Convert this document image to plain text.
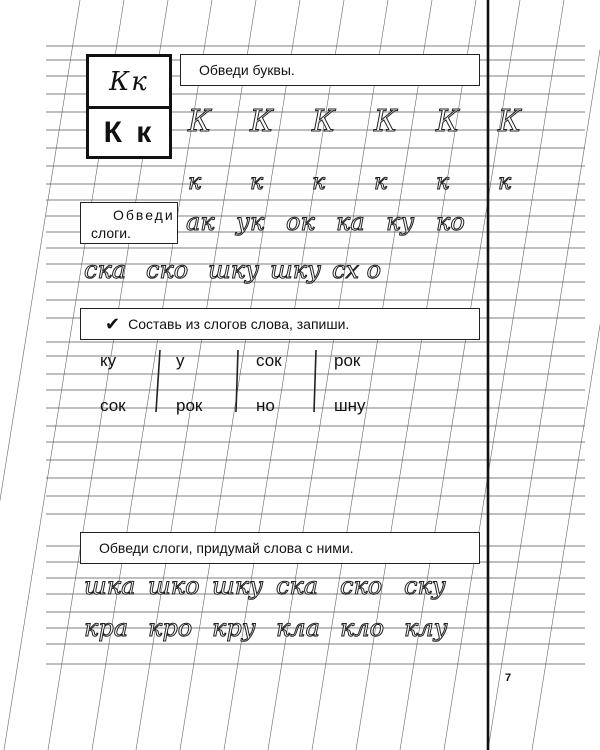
Кк
К к
Обведи буквы.
Обведи
слоги.
✔ Составь из слогов слова, запиши.
Обведи слоги, придумай слова с ними.
К К К К К К
к к к к к к
ак ук ок ка ку ко
ска ско шку шку сх о
ку	у	сок	рок
сок	рок	но	шну
шка шко шку ска ско ску
кра кро кру кла кло клу
7
